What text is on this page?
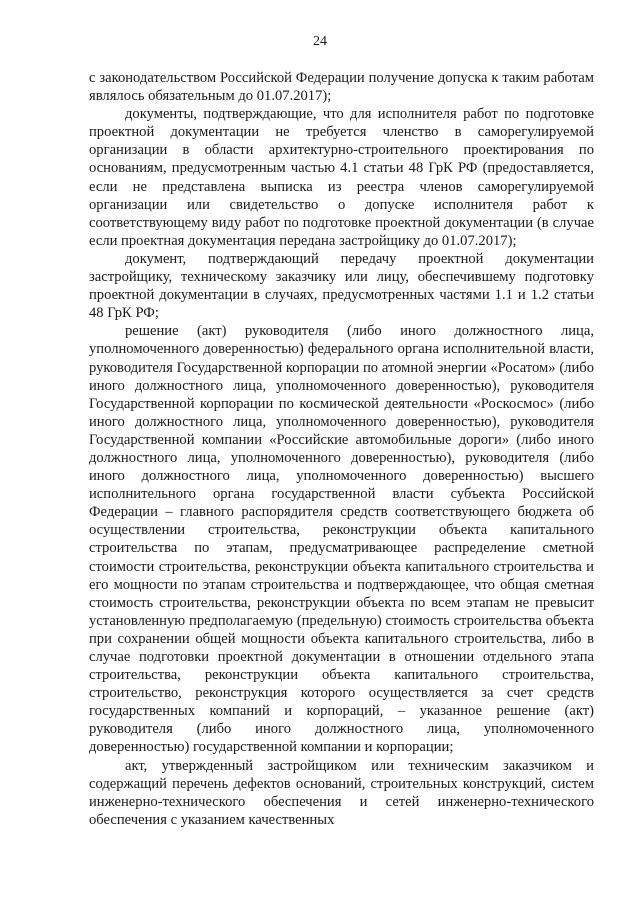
24

с законодательством Российской Федерации получение допуска к таким работам являлось обязательным до 01.07.2017);

документы, подтверждающие, что для исполнителя работ по подготовке проектной документации не требуется членство в саморегулируемой организации в области архитектурно-строительного проектирования по основаниям, предусмотренным частью 4.1 статьи 48 ГрК РФ (предоставляется, если не представлена выписка из реестра членов саморегулируемой организации или свидетельство о допуске исполнителя работ к соответствующему виду работ по подготовке проектной документации (в случае если проектная документация передана застройщику до 01.07.2017);

документ, подтверждающий передачу проектной документации застройщику, техническому заказчику или лицу, обеспечившему подготовку проектной документации в случаях, предусмотренных частями 1.1 и 1.2 статьи 48 ГрК РФ;

решение (акт) руководителя (либо иного должностного лица, уполномоченного доверенностью) федерального органа исполнительной власти, руководителя Государственной корпорации по атомной энергии «Росатом» (либо иного должностного лица, уполномоченного доверенностью), руководителя Государственной корпорации по космической деятельности «Роскосмос» (либо иного должностного лица, уполномоченного доверенностью), руководителя Государственной компании «Российские автомобильные дороги» (либо иного должностного лица, уполномоченного доверенностью), руководителя (либо иного должностного лица, уполномоченного доверенностью) высшего исполнительного органа государственной власти субъекта Российской Федерации – главного распорядителя средств соответствующего бюджета об осуществлении строительства, реконструкции объекта капитального строительства по этапам, предусматривающее распределение сметной стоимости строительства, реконструкции объекта капитального строительства и его мощности по этапам строительства и подтверждающее, что общая сметная стоимость строительства, реконструкции объекта по всем этапам не превысит установленную предполагаемую (предельную) стоимость строительства объекта при сохранении общей мощности объекта капитального строительства, либо в случае подготовки проектной документации в отношении отдельного этапа строительства, реконструкции объекта капитального строительства, строительство, реконструкция которого осуществляется за счет средств государственных компаний и корпораций, – указанное решение (акт) руководителя (либо иного должностного лица, уполномоченного доверенностью) государственной компании и корпорации;

акт, утвержденный застройщиком или техническим заказчиком и содержащий перечень дефектов оснований, строительных конструкций, систем инженерно-технического обеспечения и сетей инженерно-технического обеспечения с указанием качественных
